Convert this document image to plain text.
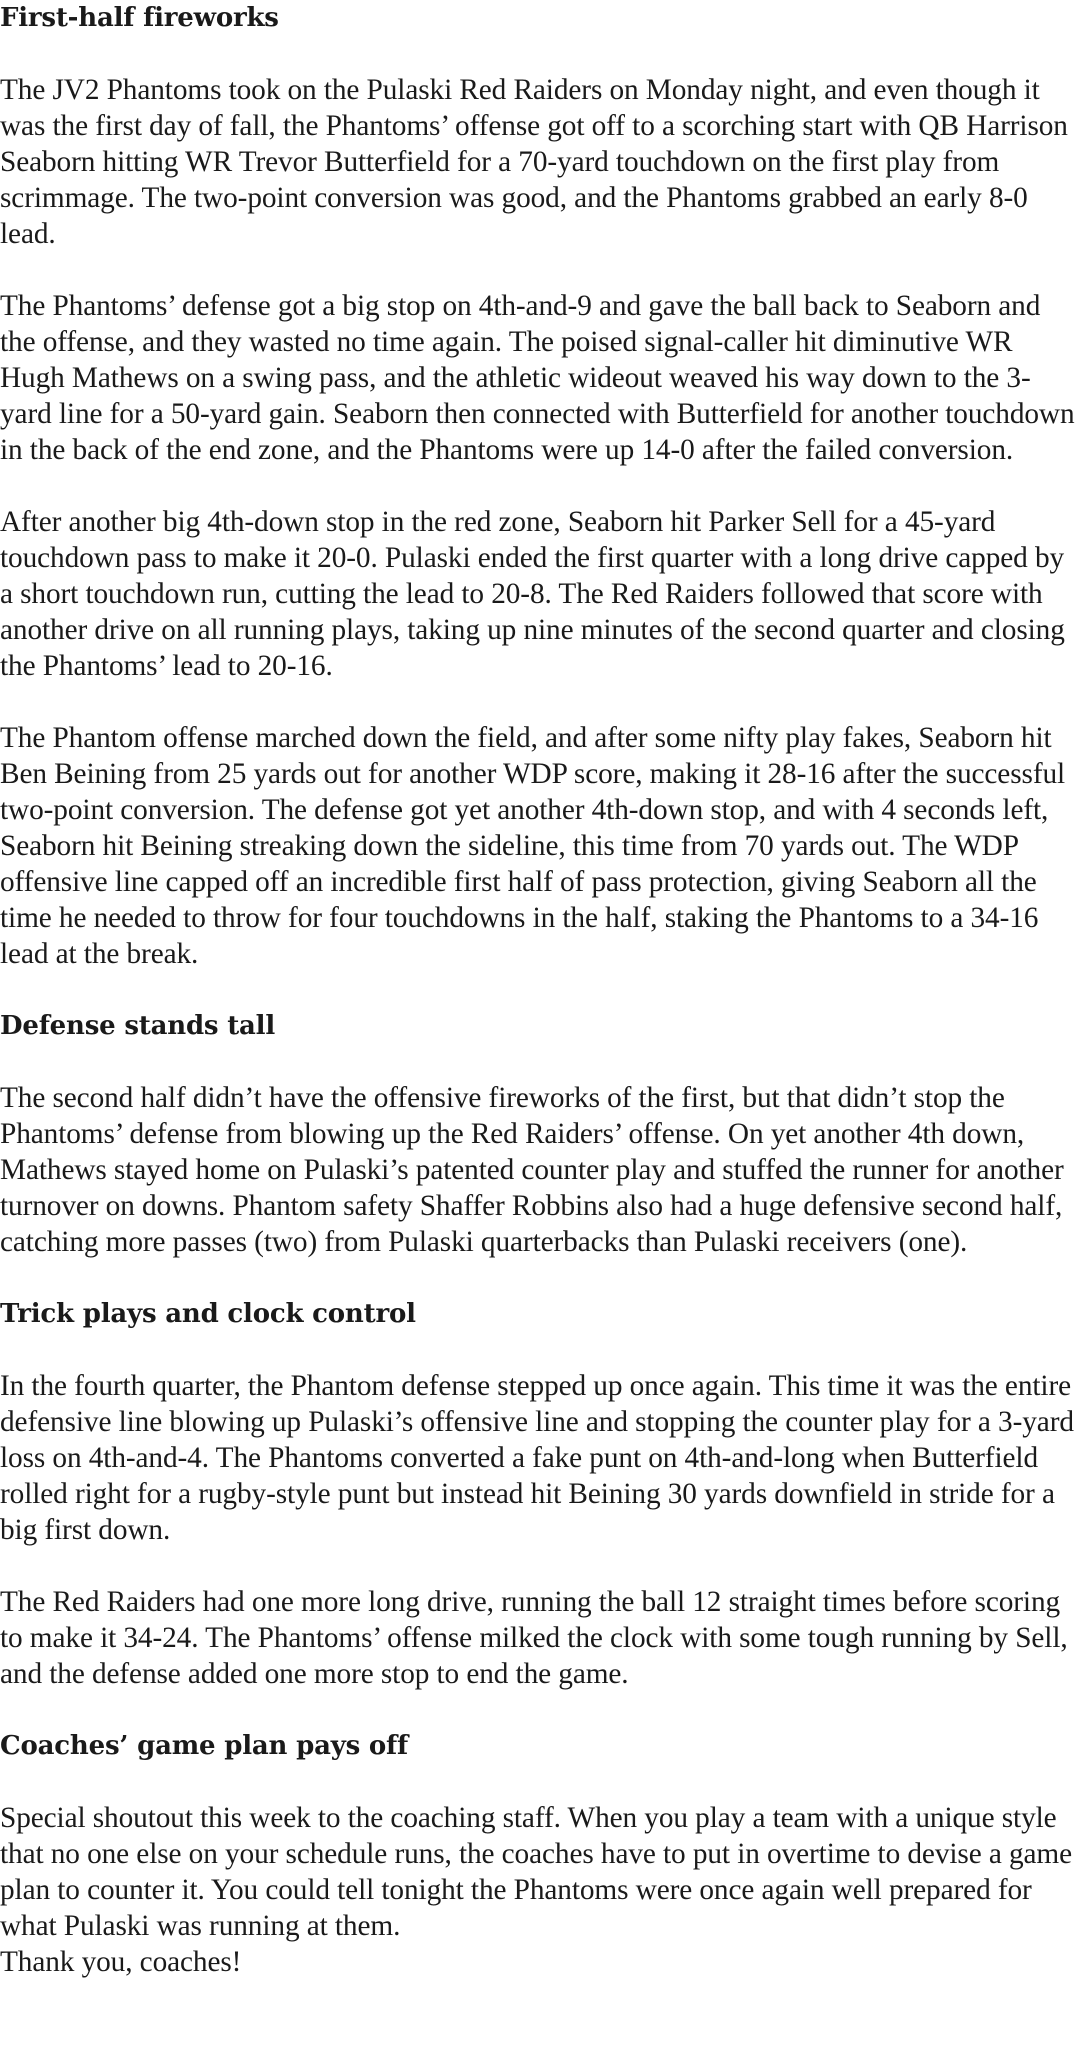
First-half fireworks

The JV2 Phantoms took on the Pulaski Red Raiders on Monday night, and even though it was the first day of fall, the Phantoms’ offense got off to a scorching start with QB Harrison Seaborn hitting WR Trevor Butterfield for a 70-yard touchdown on the first play from scrimmage. The two-point conversion was good, and the Phantoms grabbed an early 8-0 lead.

The Phantoms’ defense got a big stop on 4th-and-9 and gave the ball back to Seaborn and the offense, and they wasted no time again. The poised signal-caller hit diminutive WR Hugh Mathews on a swing pass, and the athletic wideout weaved his way down to the 3-yard line for a 50-yard gain. Seaborn then connected with Butterfield for another touchdown in the back of the end zone, and the Phantoms were up 14-0 after the failed conversion.

After another big 4th-down stop in the red zone, Seaborn hit Parker Sell for a 45-yard touchdown pass to make it 20-0. Pulaski ended the first quarter with a long drive capped by a short touchdown run, cutting the lead to 20-8. The Red Raiders followed that score with another drive on all running plays, taking up nine minutes of the second quarter and closing the Phantoms’ lead to 20-16.

The Phantom offense marched down the field, and after some nifty play fakes, Seaborn hit Ben Beining from 25 yards out for another WDP score, making it 28-16 after the successful two-point conversion. The defense got yet another 4th-down stop, and with 4 seconds left, Seaborn hit Beining streaking down the sideline, this time from 70 yards out. The WDP offensive line capped off an incredible first half of pass protection, giving Seaborn all the time he needed to throw for four touchdowns in the half, staking the Phantoms to a 34-16 lead at the break.

Defense stands tall

The second half didn’t have the offensive fireworks of the first, but that didn’t stop the Phantoms’ defense from blowing up the Red Raiders’ offense. On yet another 4th down, Mathews stayed home on Pulaski’s patented counter play and stuffed the runner for another turnover on downs. Phantom safety Shaffer Robbins also had a huge defensive second half, catching more passes (two) from Pulaski quarterbacks than Pulaski receivers (one).

Trick plays and clock control

In the fourth quarter, the Phantom defense stepped up once again. This time it was the entire defensive line blowing up Pulaski’s offensive line and stopping the counter play for a 3-yard loss on 4th-and-4. The Phantoms converted a fake punt on 4th-and-long when Butterfield rolled right for a rugby-style punt but instead hit Beining 30 yards downfield in stride for a big first down.

The Red Raiders had one more long drive, running the ball 12 straight times before scoring to make it 34-24. The Phantoms’ offense milked the clock with some tough running by Sell, and the defense added one more stop to end the game.

Coaches’ game plan pays off

Special shoutout this week to the coaching staff. When you play a team with a unique style that no one else on your schedule runs, the coaches have to put in overtime to devise a game plan to counter it. You could tell tonight the Phantoms were once again well prepared for what Pulaski was running at them.

Thank you, coaches!
